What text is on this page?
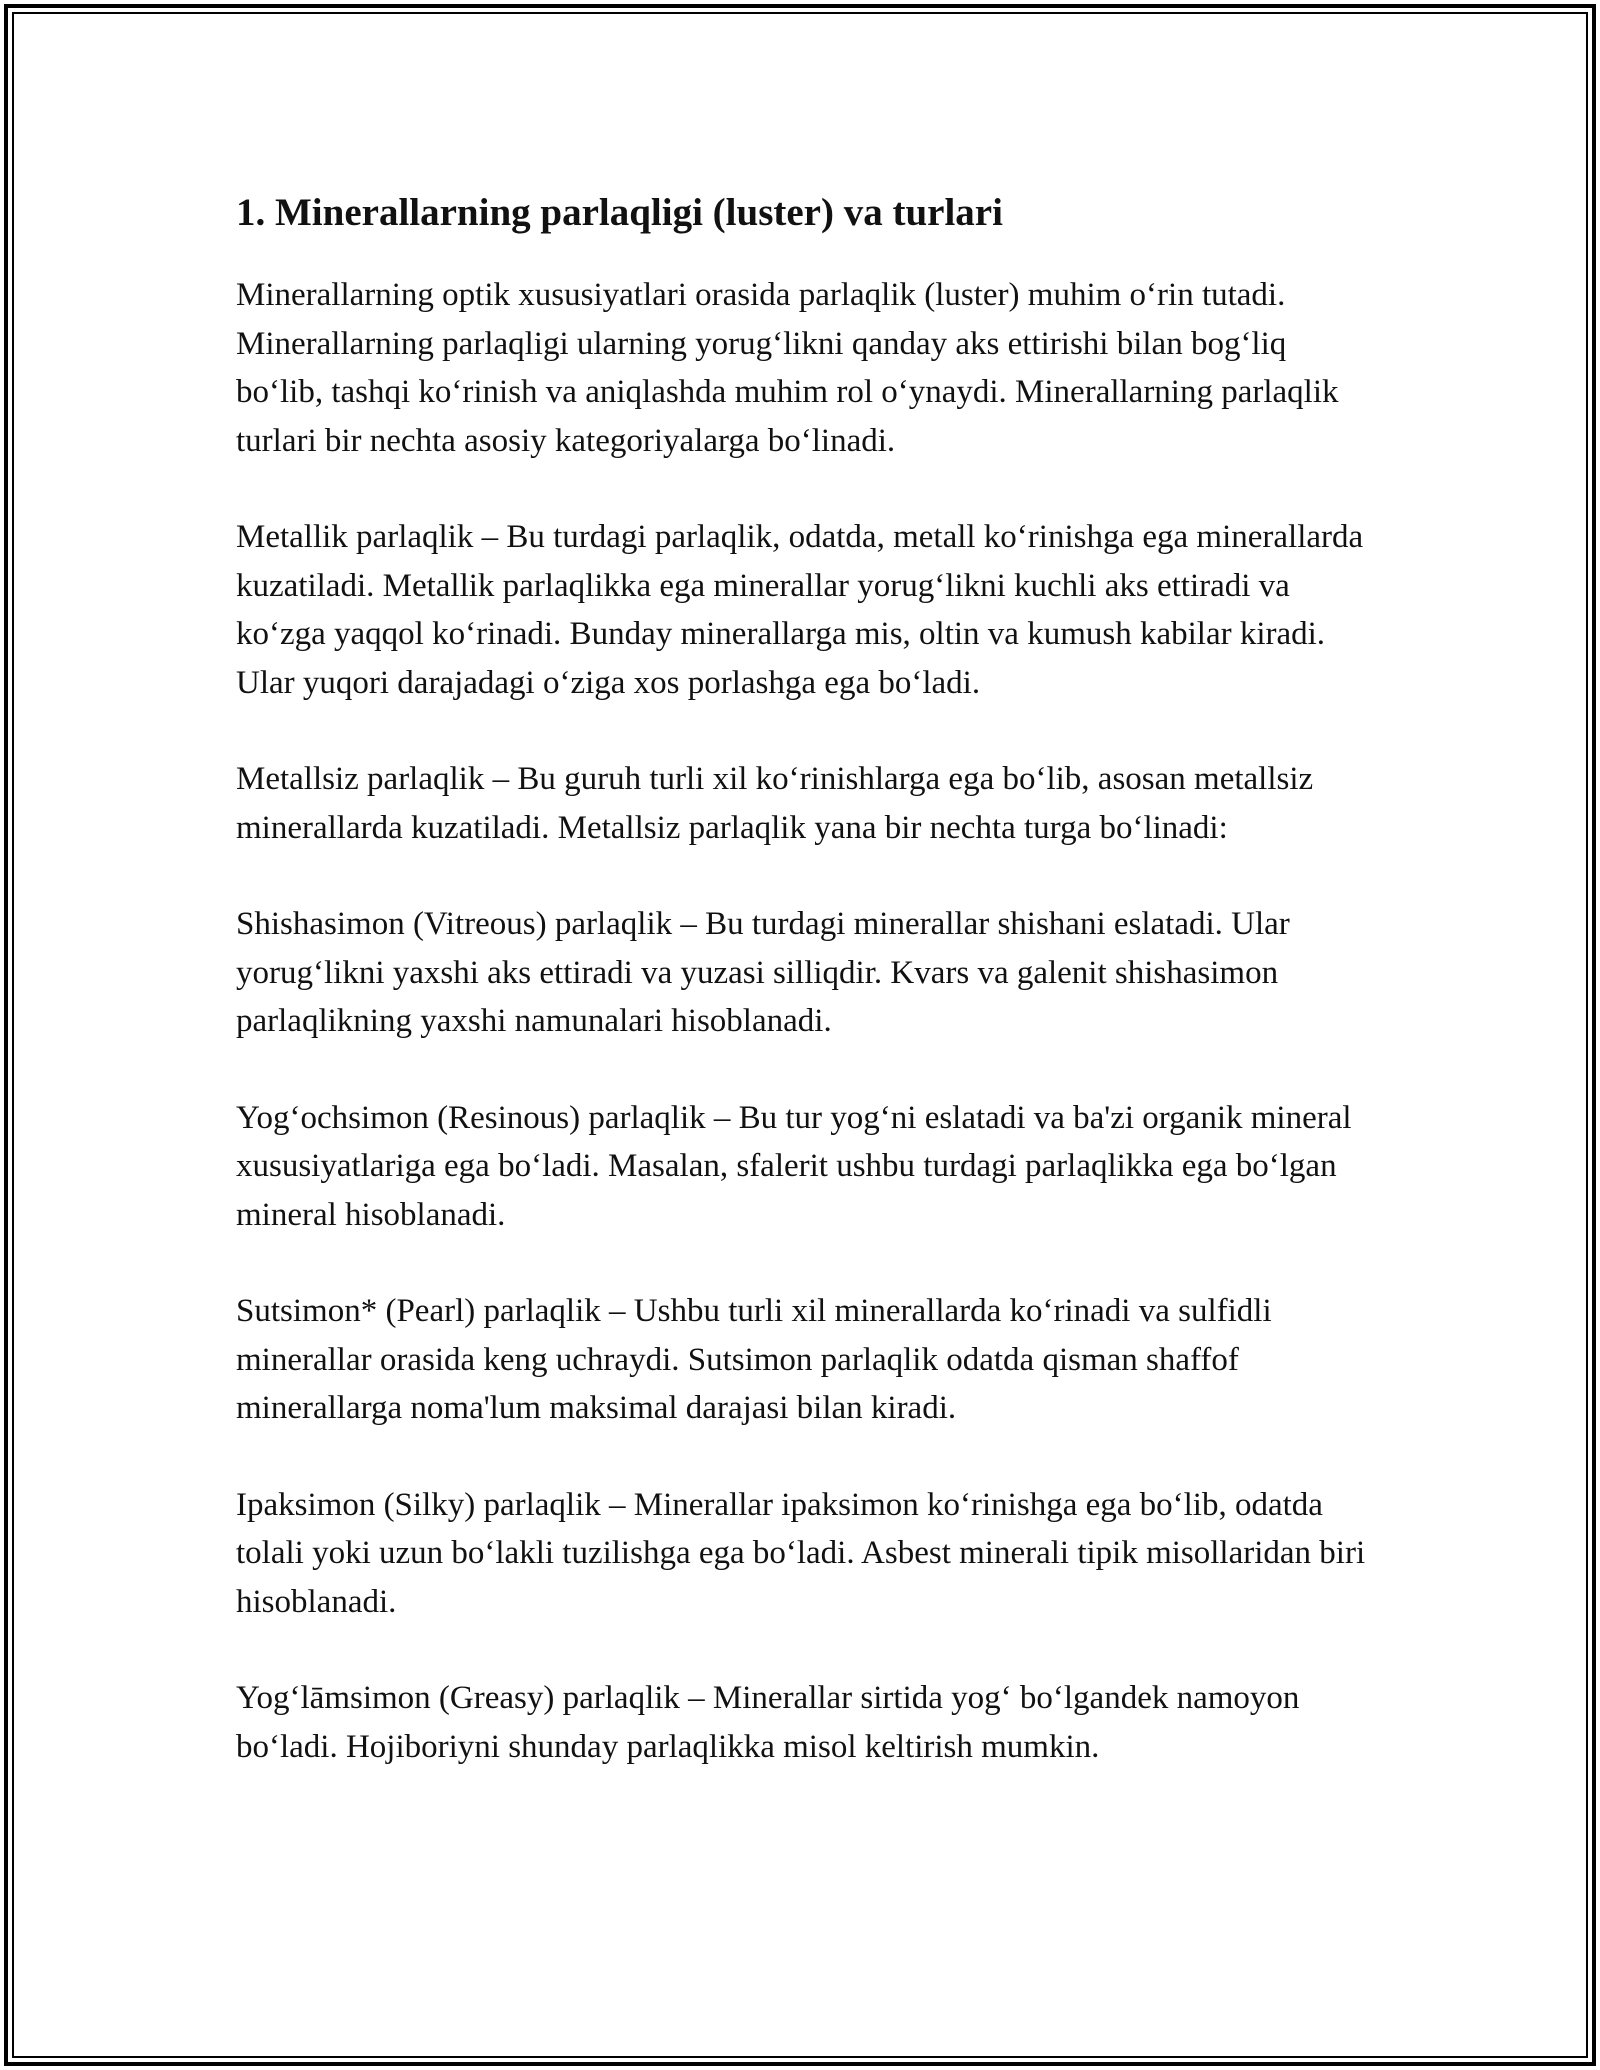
1. Minerallarning parlaqligi (luster) va turlari

Minerallarning optik xususiyatlari orasida parlaqlik (luster) muhim oʻrin tutadi. Minerallarning parlaqligi ularning yorugʻlikni qanday aks ettirishi bilan bogʻliq boʻlib, tashqi koʻrinish va aniqlashda muhim rol oʻynaydi. Minerallarning parlaqlik turlari bir nechta asosiy kategoriyalarga boʻlinadi.

Metallik parlaqlik – Bu turdagi parlaqlik, odatda, metall koʻrinishga ega minerallarda kuzatiladi. Metallik parlaqlikka ega minerallar yorugʻlikni kuchli aks ettiradi va koʻzga yaqqol koʻrinadi. Bunday minerallarga mis, oltin va kumush kabilar kiradi. Ular yuqori darajadagi oʻziga xos porlashga ega boʻladi.

Metallsiz parlaqlik – Bu guruh turli xil koʻrinishlarga ega boʻlib, asosan metallsiz minerallarda kuzatiladi. Metallsiz parlaqlik yana bir nechta turga boʻlinadi:

Shishasimon (Vitreous) parlaqlik – Bu turdagi minerallar shishani eslatadi. Ular yorugʻlikni yaxshi aks ettiradi va yuzasi silliqdir. Kvars va galenit shishasimon parlaqlikning yaxshi namunalari hisoblanadi.

Yogʻochsimon (Resinous) parlaqlik – Bu tur yogʻni eslatadi va ba'zi organik mineral xususiyatlariga ega boʻladi. Masalan, sfalerit ushbu turdagi parlaqlikka ega boʻlgan mineral hisoblanadi.

Sutsimon* (Pearl) parlaqlik – Ushbu turli xil minerallarda koʻrinadi va sulfidli minerallar orasida keng uchraydi. Sutsimon parlaqlik odatda qisman shaffof minerallarga noma'lum maksimal darajasi bilan kiradi.

Ipaksimon (Silky) parlaqlik – Minerallar ipaksimon koʻrinishga ega boʻlib, odatda tolali yoki uzun boʻlakli tuzilishga ega boʻladi. Asbest minerali tipik misollaridan biri hisoblanadi.

Yogʻlāmsimon (Greasy) parlaqlik – Minerallar sirtida yogʻ boʻlgandek namoyon boʻladi. Hojiboriyni shunday parlaqlikka misol keltirish mumkin.
